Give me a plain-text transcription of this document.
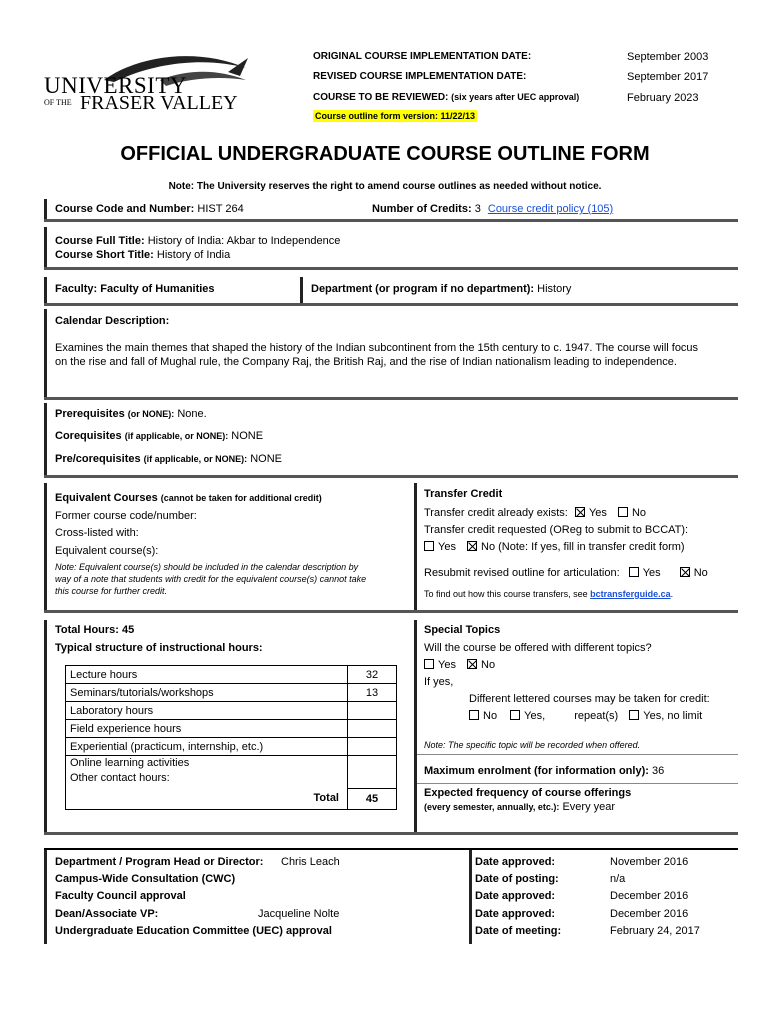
UNIVERSITY
OF THE FRASER VALLEY
ORIGINAL COURSE IMPLEMENTATION DATE:	September 2003
REVISED COURSE IMPLEMENTATION DATE:	September 2017
COURSE TO BE REVIEWED: (six years after UEC approval)	February 2023
Course outline form version: 11/22/13
OFFICIAL UNDERGRADUATE COURSE OUTLINE FORM
Note: The University reserves the right to amend course outlines as needed without notice.
Course Code and Number: HIST 264	Number of Credits: 3 Course credit policy (105)
Course Full Title: History of India: Akbar to Independence
Course Short Title: History of India
Faculty: Faculty of Humanities	Department (or program if no department): History
Calendar Description:
Examines the main themes that shaped the history of the Indian subcontinent from the 15th century to c. 1947. The course will focus
on the rise and fall of Mughal rule, the Company Raj, the British Raj, and the rise of Indian nationalism leading to independence.
Prerequisites (or NONE): None.
Corequisites (if applicable, or NONE): NONE
Pre/corequisites (if applicable, or NONE): NONE
Equivalent Courses (cannot be taken for additional credit)
Former course code/number:
Cross-listed with:
Equivalent course(s):
Note: Equivalent course(s) should be included in the calendar description by
way of a note that students with credit for the equivalent course(s) cannot take
this course for further credit.
Transfer Credit
Transfer credit already exists: Yes No
Transfer credit requested (OReg to submit to BCCAT):
Yes No (Note: If yes, fill in transfer credit form)
Resubmit revised outline for articulation: Yes	No
To find out how this course transfers, see bctransferguide.ca.
Total Hours: 45
Typical structure of instructional hours:
Lecture hours	32
Seminars/tutorials/workshops	13
Laboratory hours	
Field experience hours	
Experiential (practicum, internship, etc.)	

Online learning activities
Other contact hours:	

Total	45
Special Topics
Will the course be offered with different topics?
Yes No
If yes,
Different lettered courses may be taken for credit:
No Yes,	repeat(s) Yes, no limit
Note: The specific topic will be recorded when offered.
Maximum enrolment (for information only): 36
Expected frequency of course offerings
(every semester, annually, etc.): Every year
Department / Program Head or Director: Chris Leach	Date approved:	November 2016
Campus-Wide Consultation (CWC)	Date of posting:	n/a
Faculty Council approval	Date approved:	December 2016
Dean/Associate VP:	Jacqueline Nolte	Date approved:	December 2016
Undergraduate Education Committee (UEC) approval	Date of meeting:	February 24, 2017
